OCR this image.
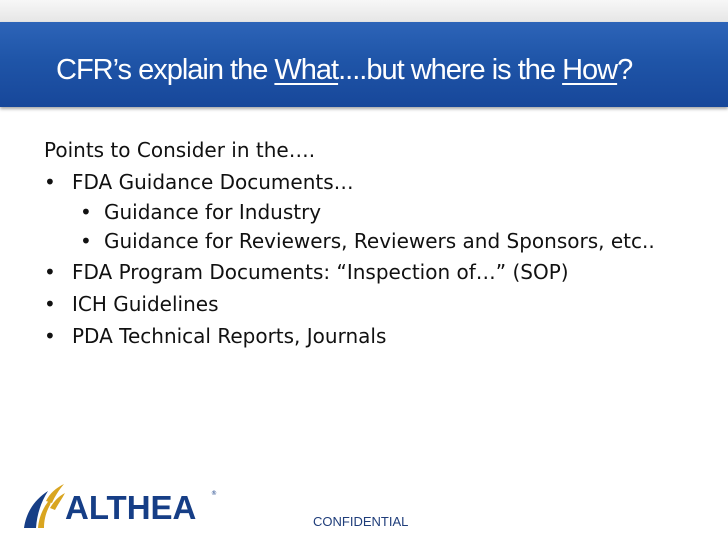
CFR’s explain the What....but where is the How?

Points to Consider in the….

• FDA Guidance Documents…
• Guidance for Industry
• Guidance for Reviewers, Reviewers and Sponsors, etc..
• FDA Program Documents: “Inspection of…” (SOP)
• ICH Guidelines
• PDA Technical Reports, Journals
ALTHEA ®
CONFIDENTIAL
